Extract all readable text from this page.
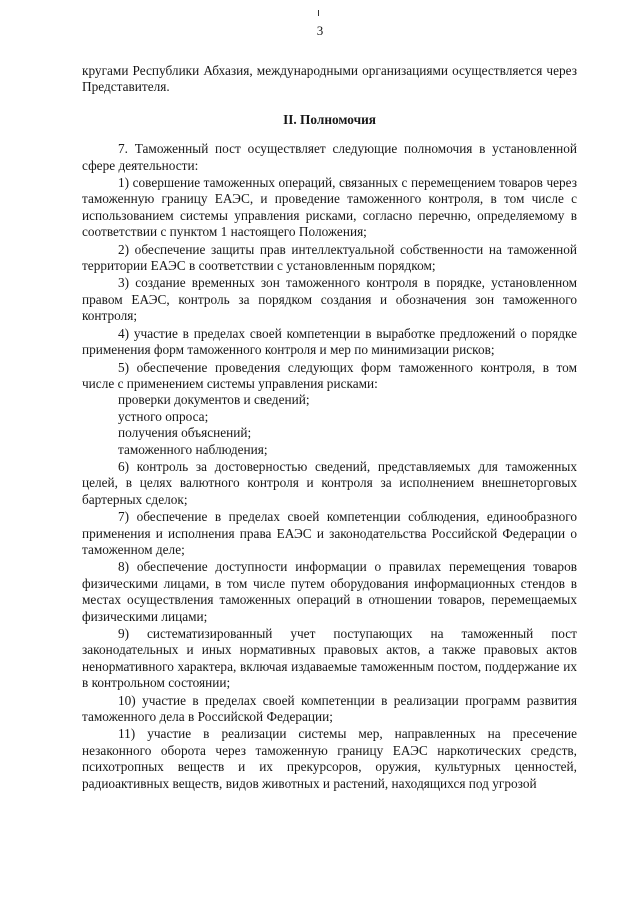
3

кругами Республики Абхазия, международными организациями осуществляется через Представителя.

II. Полномочия

7. Таможенный пост осуществляет следующие полномочия в установленной сфере деятельности:

1) совершение таможенных операций, связанных с перемещением товаров через таможенную границу ЕАЭС, и проведение таможенного контроля, в том числе с использованием системы управления рисками, согласно перечню, определяемому в соответствии с пунктом 1 настоящего Положения;

2) обеспечение защиты прав интеллектуальной собственности на таможенной территории ЕАЭС в соответствии с установленным порядком;

3) создание временных зон таможенного контроля в порядке, установленном правом ЕАЭС, контроль за порядком создания и обозначения зон таможенного контроля;

4) участие в пределах своей компетенции в выработке предложений о порядке применения форм таможенного контроля и мер по минимизации рисков;

5) обеспечение проведения следующих форм таможенного контроля, в том числе с применением системы управления рисками:

проверки документов и сведений;

устного опроса;

получения объяснений;

таможенного наблюдения;

6) контроль за достоверностью сведений, представляемых для таможенных целей, в целях валютного контроля и контроля за исполнением внешнеторговых бартерных сделок;

7) обеспечение в пределах своей компетенции соблюдения, единообразного применения и исполнения права ЕАЭС и законодательства Российской Федерации о таможенном деле;

8) обеспечение доступности информации о правилах перемещения товаров физическими лицами, в том числе путем оборудования информационных стендов в местах осуществления таможенных операций в отношении товаров, перемещаемых физическими лицами;

9) систематизированный учет поступающих на таможенный пост законодательных и иных нормативных правовых актов, а также правовых актов ненормативного характера, включая издаваемые таможенным постом, поддержание их в контрольном состоянии;

10) участие в пределах своей компетенции в реализации программ развития таможенного дела в Российской Федерации;

11) участие в реализации системы мер, направленных на пресечение незаконного оборота через таможенную границу ЕАЭС наркотических средств, психотропных веществ и их прекурсоров, оружия, культурных ценностей, радиоактивных веществ, видов животных и растений, находящихся под угрозой
